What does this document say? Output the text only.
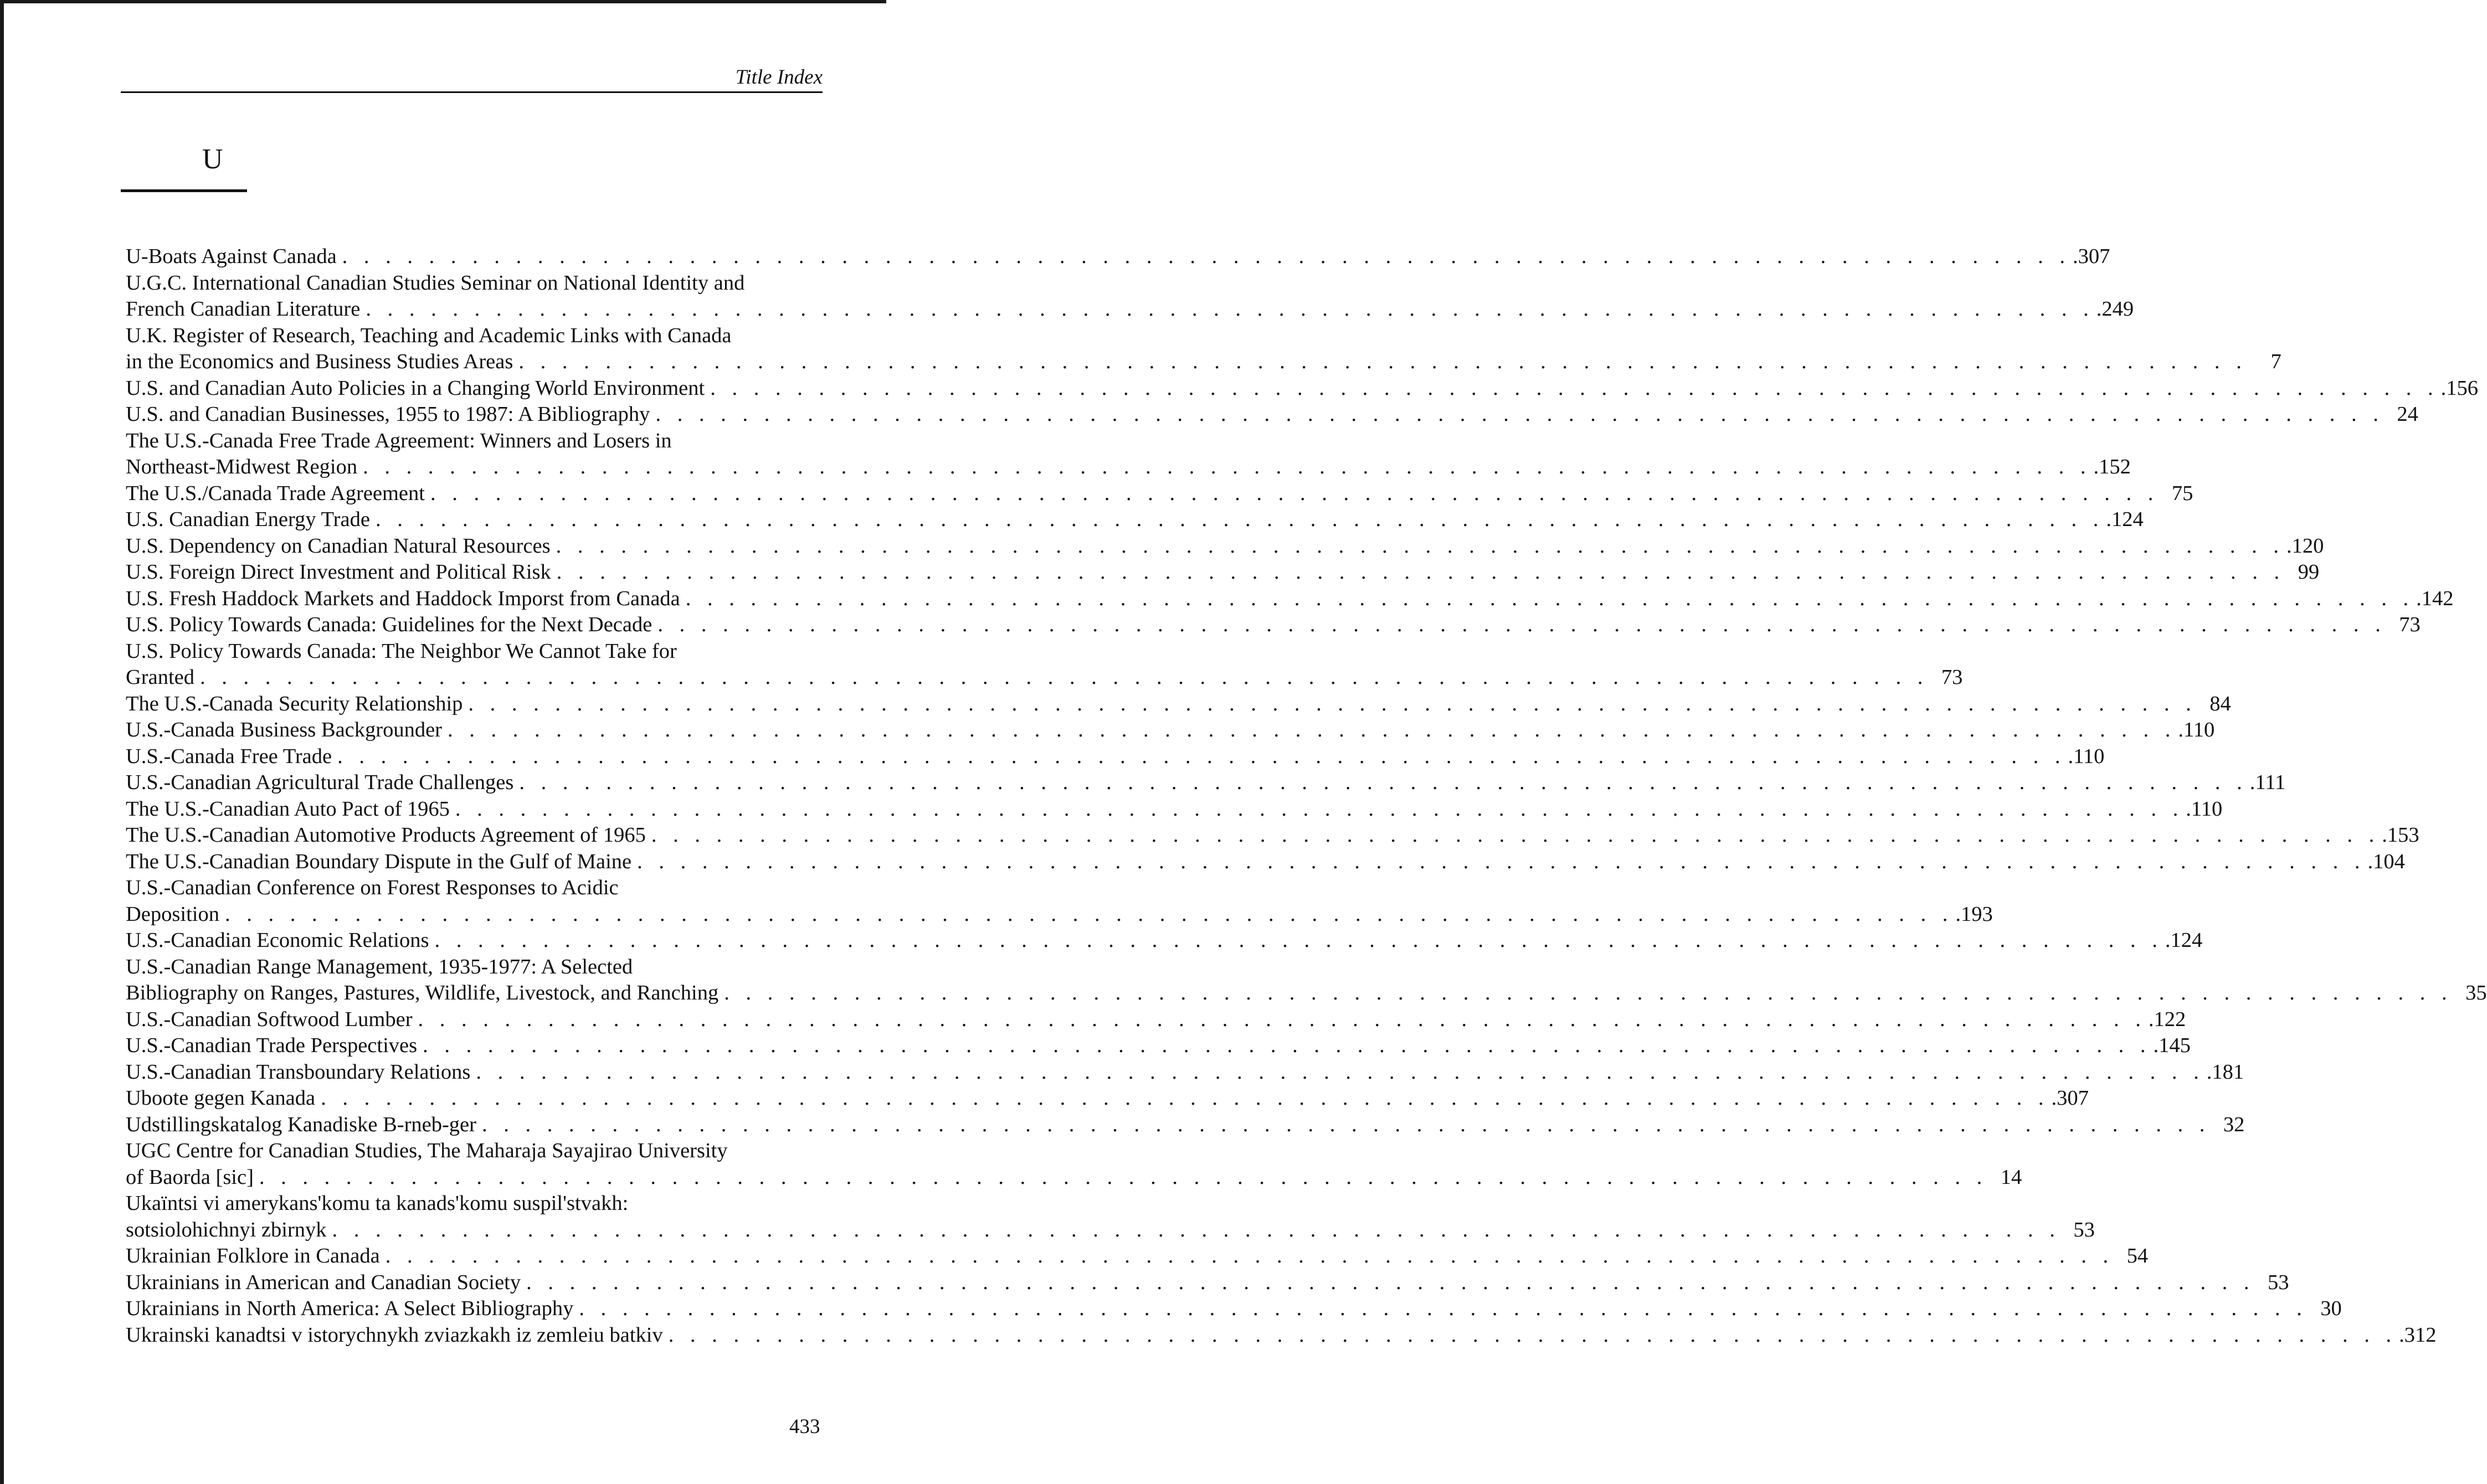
Title Index
U
U-Boats Against Canada . . . . . . . . . . . . . . . . . . . . . . . . . . . . . . . . . . . . . . . . . . . . . . . . . . . . . . . . . . . . . . . . . . . . . . . . . . . . . . . . .307
U.G.C. International Canadian Studies Seminar on National Identity and
French Canadian Literature . . . . . . . . . . . . . . . . . . . . . . . . . . . . . . . . . . . . . . . . . . . . . . . . . . . . . . . . . . . . . . . . . . . . . . . . . . . . . . . . .249
U.K. Register of Research, Teaching and Academic Links with Canada
in the Economics and Business Studies Areas . . . . . . . . . . . . . . . . . . . . . . . . . . . . . . . . . . . . . . . . . . . . . . . . . . . . . . . . . . . . . . . . . . . . . . . . . . . . . . . .	7
U.S. and Canadian Auto Policies in a Changing World Environment . . . . . . . . . . . . . . . . . . . . . . . . . . . . . . . . . . . . . . . . . . . . . . . . . . . . . . . . . . . . . . . . . . . . . . . . . . . . . . . . .156
U.S. and Canadian Businesses, 1955 to 1987: A Bibliography . . . . . . . . . . . . . . . . . . . . . . . . . . . . . . . . . . . . . . . . . . . . . . . . . . . . . . . . . . . . . . . . . . . . . . . . . . . . . . . . 24
The U.S.-Canada Free Trade Agreement: Winners and Losers in
Northeast-Midwest Region . . . . . . . . . . . . . . . . . . . . . . . . . . . . . . . . . . . . . . . . . . . . . . . . . . . . . . . . . . . . . . . . . . . . . . . . . . . . . . . . .152
The U.S./Canada Trade Agreement . . . . . . . . . . . . . . . . . . . . . . . . . . . . . . . . . . . . . . . . . . . . . . . . . . . . . . . . . . . . . . . . . . . . . . . . . . . . . . . . 75
U.S. Canadian Energy Trade . . . . . . . . . . . . . . . . . . . . . . . . . . . . . . . . . . . . . . . . . . . . . . . . . . . . . . . . . . . . . . . . . . . . . . . . . . . . . . . . .124
U.S. Dependency on Canadian Natural Resources . . . . . . . . . . . . . . . . . . . . . . . . . . . . . . . . . . . . . . . . . . . . . . . . . . . . . . . . . . . . . . . . . . . . . . . . . . . . . . . . .120
U.S. Foreign Direct Investment and Political Risk . . . . . . . . . . . . . . . . . . . . . . . . . . . . . . . . . . . . . . . . . . . . . . . . . . . . . . . . . . . . . . . . . . . . . . . . . . . . . . . . 99
U.S. Fresh Haddock Markets and Haddock Imporst from Canada . . . . . . . . . . . . . . . . . . . . . . . . . . . . . . . . . . . . . . . . . . . . . . . . . . . . . . . . . . . . . . . . . . . . . . . . . . . . . . . . .142
U.S. Policy Towards Canada: Guidelines for the Next Decade . . . . . . . . . . . . . . . . . . . . . . . . . . . . . . . . . . . . . . . . . . . . . . . . . . . . . . . . . . . . . . . . . . . . . . . . . . . . . . . . 73
U.S. Policy Towards Canada: The Neighbor We Cannot Take for
Granted . . . . . . . . . . . . . . . . . . . . . . . . . . . . . . . . . . . . . . . . . . . . . . . . . . . . . . . . . . . . . . . . . . . . . . . . . . . . . . . . 73
The U.S.-Canada Security Relationship . . . . . . . . . . . . . . . . . . . . . . . . . . . . . . . . . . . . . . . . . . . . . . . . . . . . . . . . . . . . . . . . . . . . . . . . . . . . . . . . 84
U.S.-Canada Business Backgrounder . . . . . . . . . . . . . . . . . . . . . . . . . . . . . . . . . . . . . . . . . . . . . . . . . . . . . . . . . . . . . . . . . . . . . . . . . . . . . . . . .110
U.S.-Canada Free Trade . . . . . . . . . . . . . . . . . . . . . . . . . . . . . . . . . . . . . . . . . . . . . . . . . . . . . . . . . . . . . . . . . . . . . . . . . . . . . . . . .110
U.S.-Canadian Agricultural Trade Challenges . . . . . . . . . . . . . . . . . . . . . . . . . . . . . . . . . . . . . . . . . . . . . . . . . . . . . . . . . . . . . . . . . . . . . . . . . . . . . . . . .111
The U.S.-Canadian Auto Pact of 1965 . . . . . . . . . . . . . . . . . . . . . . . . . . . . . . . . . . . . . . . . . . . . . . . . . . . . . . . . . . . . . . . . . . . . . . . . . . . . . . . . .110
The U.S.-Canadian Automotive Products Agreement of 1965 . . . . . . . . . . . . . . . . . . . . . . . . . . . . . . . . . . . . . . . . . . . . . . . . . . . . . . . . . . . . . . . . . . . . . . . . . . . . . . . . .153
The U.S.-Canadian Boundary Dispute in the Gulf of Maine . . . . . . . . . . . . . . . . . . . . . . . . . . . . . . . . . . . . . . . . . . . . . . . . . . . . . . . . . . . . . . . . . . . . . . . . . . . . . . . . .104
U.S.-Canadian Conference on Forest Responses to Acidic
Deposition . . . . . . . . . . . . . . . . . . . . . . . . . . . . . . . . . . . . . . . . . . . . . . . . . . . . . . . . . . . . . . . . . . . . . . . . . . . . . . . . .193
U.S.-Canadian Economic Relations . . . . . . . . . . . . . . . . . . . . . . . . . . . . . . . . . . . . . . . . . . . . . . . . . . . . . . . . . . . . . . . . . . . . . . . . . . . . . . . . .124
U.S.-Canadian Range Management, 1935-1977: A Selected
Bibliography on Ranges, Pastures, Wildlife, Livestock, and Ranching . . . . . . . . . . . . . . . . . . . . . . . . . . . . . . . . . . . . . . . . . . . . . . . . . . . . . . . . . . . . . . . . . . . . . . . . . . . . . . . . 35
U.S.-Canadian Softwood Lumber . . . . . . . . . . . . . . . . . . . . . . . . . . . . . . . . . . . . . . . . . . . . . . . . . . . . . . . . . . . . . . . . . . . . . . . . . . . . . . . . .122
U.S.-Canadian Trade Perspectives . . . . . . . . . . . . . . . . . . . . . . . . . . . . . . . . . . . . . . . . . . . . . . . . . . . . . . . . . . . . . . . . . . . . . . . . . . . . . . . . .145
U.S.-Canadian Transboundary Relations . . . . . . . . . . . . . . . . . . . . . . . . . . . . . . . . . . . . . . . . . . . . . . . . . . . . . . . . . . . . . . . . . . . . . . . . . . . . . . . . .181
Uboote gegen Kanada . . . . . . . . . . . . . . . . . . . . . . . . . . . . . . . . . . . . . . . . . . . . . . . . . . . . . . . . . . . . . . . . . . . . . . . . . . . . . . . . .307
Udstillingskatalog Kanadiske B-rneb-ger . . . . . . . . . . . . . . . . . . . . . . . . . . . . . . . . . . . . . . . . . . . . . . . . . . . . . . . . . . . . . . . . . . . . . . . . . . . . . . . . 32
UGC Centre for Canadian Studies, The Maharaja Sayajirao University
of Baorda [sic] . . . . . . . . . . . . . . . . . . . . . . . . . . . . . . . . . . . . . . . . . . . . . . . . . . . . . . . . . . . . . . . . . . . . . . . . . . . . . . . . 14
Ukaïntsi vi amerykans'komu ta kanads'komu suspil'stvakh:
sotsiolohichnyi zbirnyk . . . . . . . . . . . . . . . . . . . . . . . . . . . . . . . . . . . . . . . . . . . . . . . . . . . . . . . . . . . . . . . . . . . . . . . . . . . . . . . . 53
Ukrainian Folklore in Canada . . . . . . . . . . . . . . . . . . . . . . . . . . . . . . . . . . . . . . . . . . . . . . . . . . . . . . . . . . . . . . . . . . . . . . . . . . . . . . . . 54
Ukrainians in American and Canadian Society . . . . . . . . . . . . . . . . . . . . . . . . . . . . . . . . . . . . . . . . . . . . . . . . . . . . . . . . . . . . . . . . . . . . . . . . . . . . . . . . 53
Ukrainians in North America: A Select Bibliography . . . . . . . . . . . . . . . . . . . . . . . . . . . . . . . . . . . . . . . . . . . . . . . . . . . . . . . . . . . . . . . . . . . . . . . . . . . . . . . . 30
Ukrainski kanadtsi v istorychnykh zviazkakh iz zemleiu batkiv . . . . . . . . . . . . . . . . . . . . . . . . . . . . . . . . . . . . . . . . . . . . . . . . . . . . . . . . . . . . . . . . . . . . . . . . . . . . . . . . .312
433
